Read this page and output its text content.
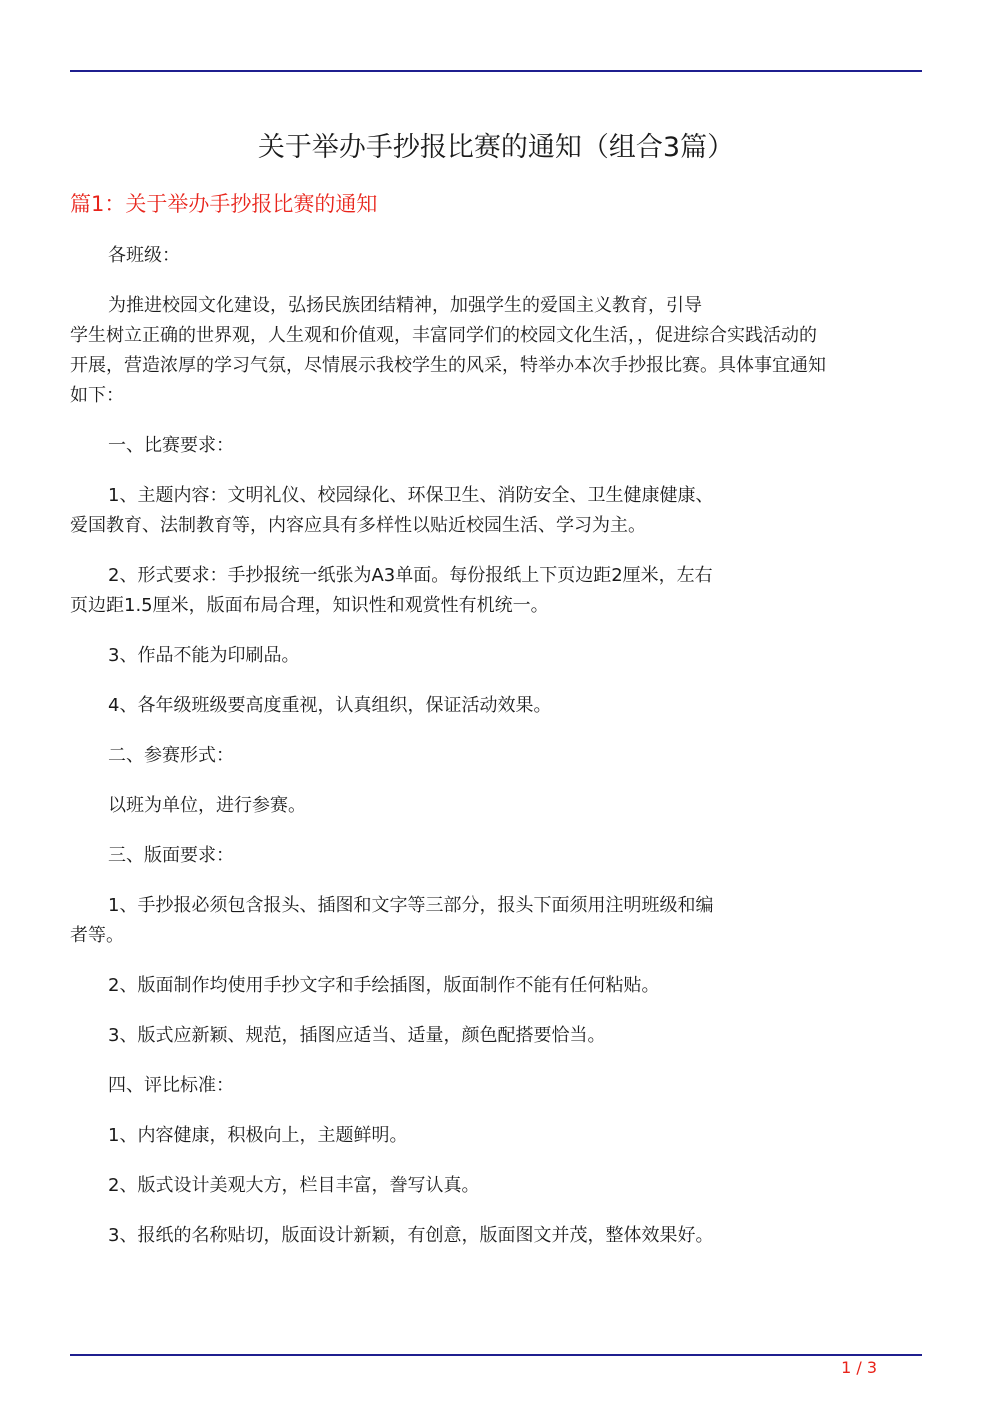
关于举办手抄报比赛的通知（组合3篇）
篇1：关于举办手抄报比赛的通知
各班级：
为推进校园文化建设，弘扬民族团结精神，加强学生的爱国主义教育，引导
学生树立正确的世界观，人生观和价值观，丰富同学们的校园文化生活，，促进综合实践活动的
开展，营造浓厚的学习气氛，尽情展示我校学生的风采，特举办本次手抄报比赛。具体事宜通知
如下：
一、比赛要求：
1、主题内容：文明礼仪、校园绿化、环保卫生、消防安全、卫生健康健康、
爱国教育、法制教育等，内容应具有多样性以贴近校园生活、学习为主。
2、形式要求：手抄报统一纸张为A3单面。每份报纸上下页边距2厘米，左右
页边距1.5厘米，版面布局合理，知识性和观赏性有机统一。
3、作品不能为印刷品。
4、各年级班级要高度重视，认真组织，保证活动效果。
二、参赛形式：
以班为单位，进行参赛。
三、版面要求：
1、手抄报必须包含报头、插图和文字等三部分，报头下面须用注明班级和编
者等。
2、版面制作均使用手抄文字和手绘插图，版面制作不能有任何粘贴。
3、版式应新颖、规范，插图应适当、适量，颜色配搭要恰当。
四、评比标准：
1、内容健康，积极向上，主题鲜明。
2、版式设计美观大方，栏目丰富，誊写认真。
3、报纸的名称贴切，版面设计新颖，有创意，版面图文并茂，整体效果好。
1 / 3
